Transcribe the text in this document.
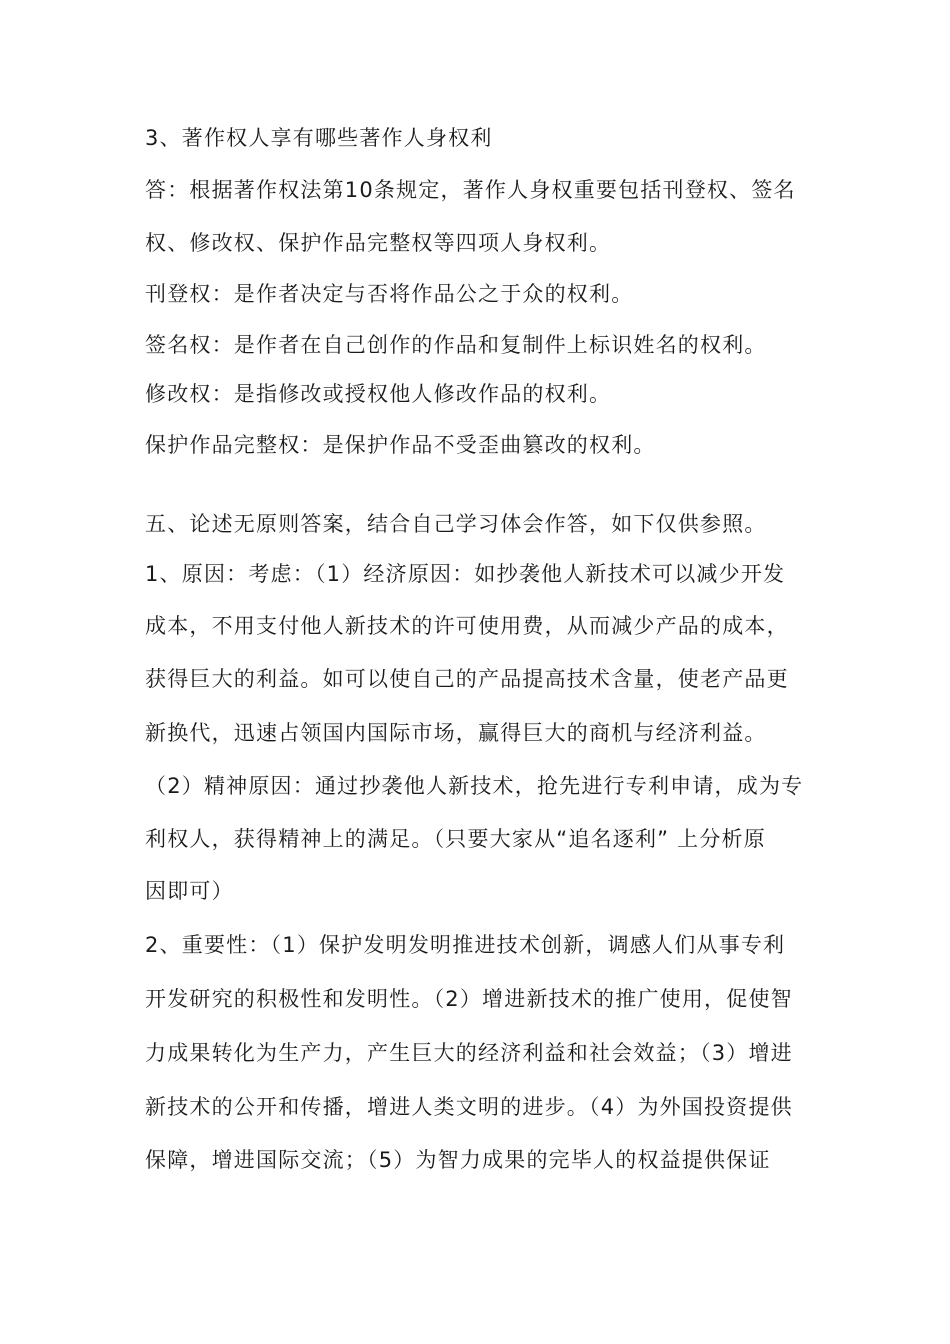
3、著作权人享有哪些著作人身权利
答：根据著作权法第10条规定，著作人身权重要包括刊登权、签名
权、修改权、保护作品完整权等四项人身权利。
刊登权：是作者决定与否将作品公之于众的权利。
签名权：是作者在自己创作的作品和复制件上标识姓名的权利。
修改权：是指修改或授权他人修改作品的权利。
保护作品完整权：是保护作品不受歪曲篡改的权利。
五、论述无原则答案，结合自己学习体会作答，如下仅供参照。
1、原因：考虑：（1）经济原因：如抄袭他人新技术可以减少开发
成本，不用支付他人新技术的许可使用费，从而减少产品的成本，
获得巨大的利益。如可以使自己的产品提高技术含量，使老产品更
新换代，迅速占领国内国际市场，赢得巨大的商机与经济利益。
（2）精神原因：通过抄袭他人新技术，抢先进行专利申请，成为专
利权人，获得精神上的满足。（只要大家从“追名逐利” 上分析原
因即可）
2、重要性：（1）保护发明发明推进技术创新，调感人们从事专利
开发研究的积极性和发明性。（2）增进新技术的推广使用，促使智
力成果转化为生产力，产生巨大的经济利益和社会效益；（3）增进
新技术的公开和传播，增进人类文明的进步。（4）为外国投资提供
保障，增进国际交流；（5）为智力成果的完毕人的权益提供保证
